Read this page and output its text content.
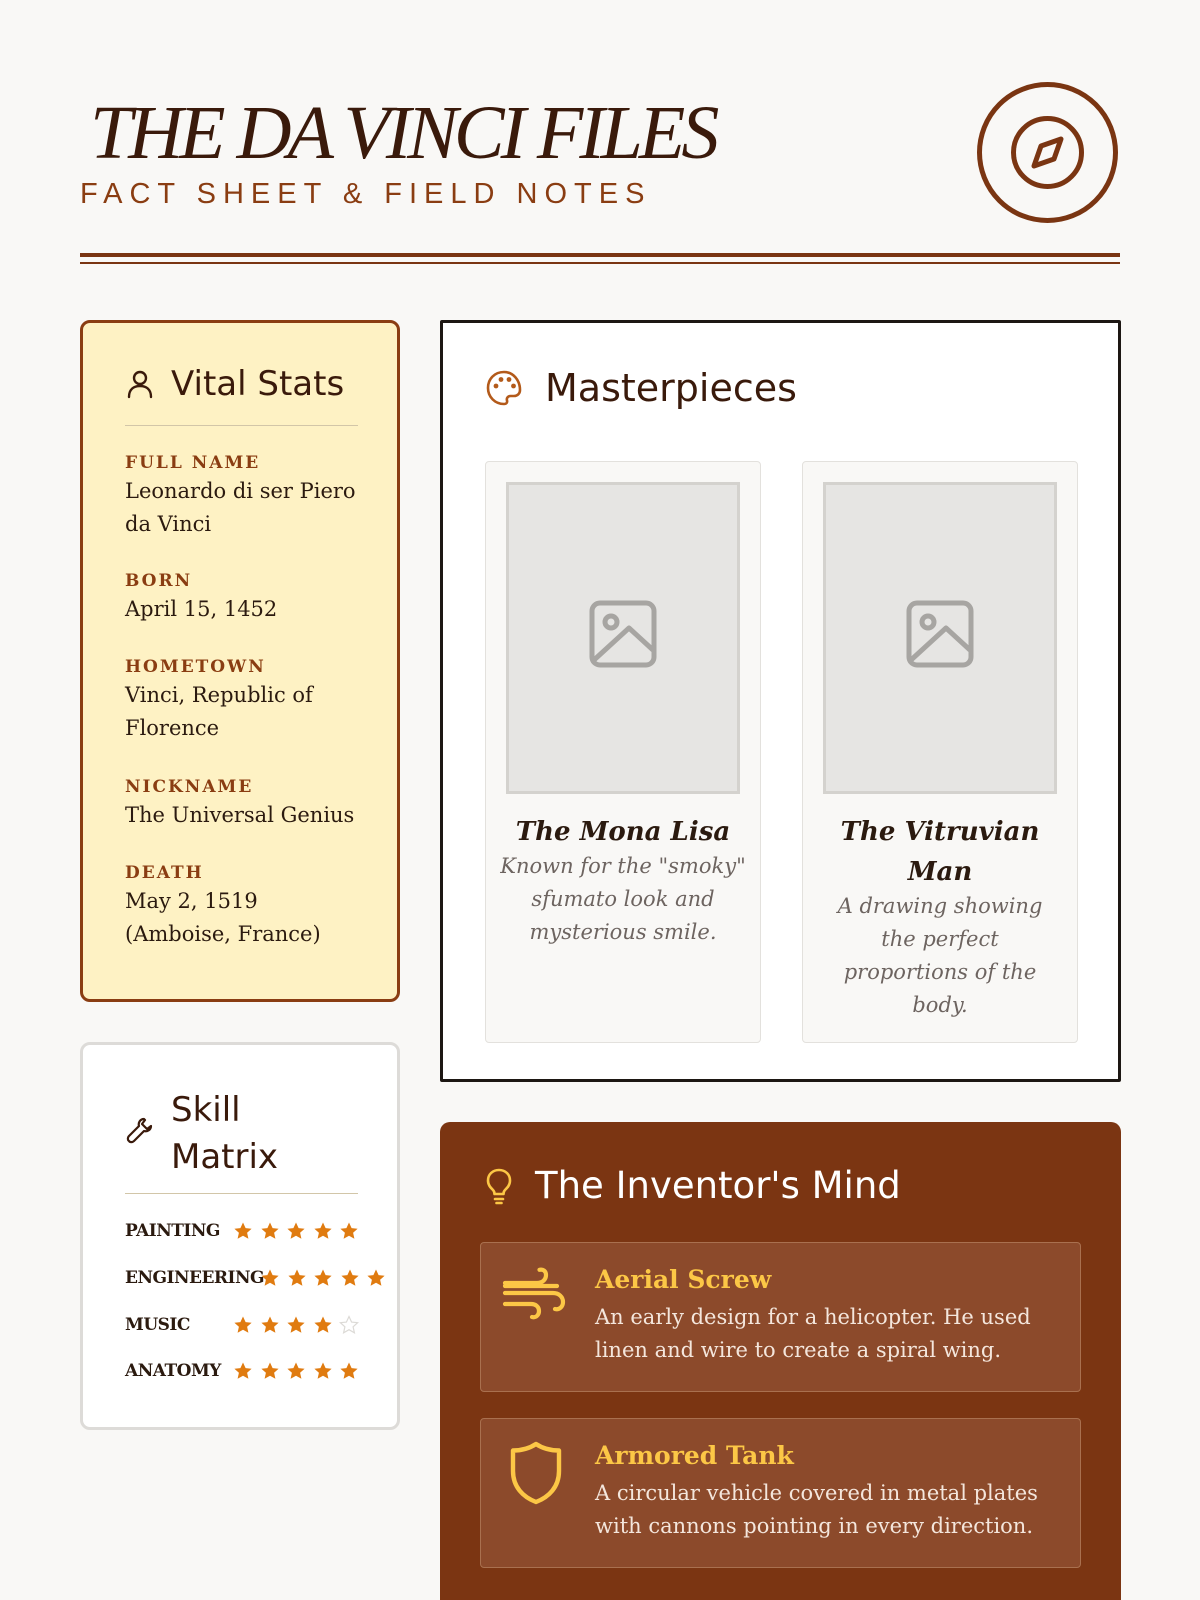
THE DA VINCI FILES
FACT SHEET & FIELD NOTES
Vital Stats
FULL NAME
Leonardo di ser Piero da Vinci
BORN
April 15, 1452
HOMETOWN
Vinci, Republic of Florence
NICKNAME
The Universal Genius
DEATH
May 2, 1519 (Amboise, France)
Skill Matrix
PAINTING
ENGINEERING
MUSIC
ANATOMY
Masterpieces
The Mona Lisa
Known for the "smoky" sfumato look and mysterious smile.
The Vitruvian Man
A drawing showing the perfect proportions of the body.
The Inventor's Mind
Aerial Screw
An early design for a helicopter. He used linen and wire to create a spiral wing.
Armored Tank
A circular vehicle covered in metal plates with cannons pointing in every direction.
